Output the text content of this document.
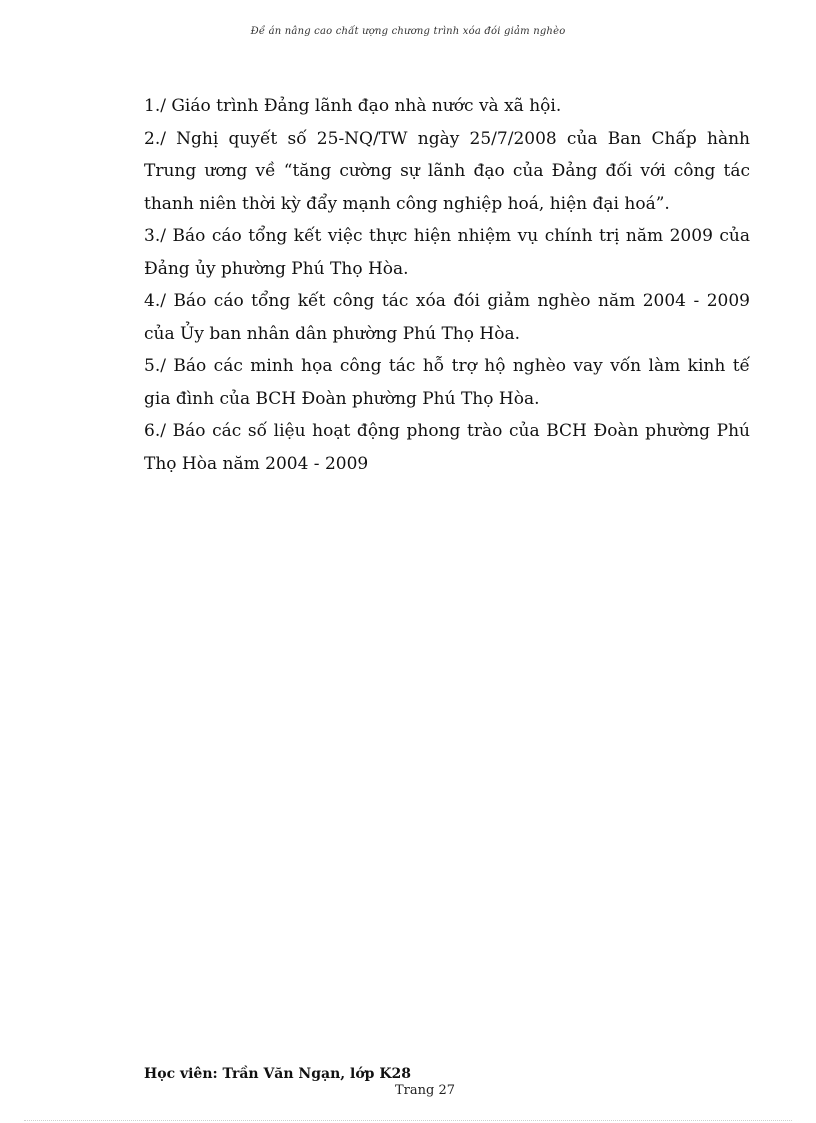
Đề án nâng cao chất ượng chương trình xóa đói giảm nghèo

1./ Giáo trình Đảng lãnh đạo nhà nước và xã hội.

2./ Nghị quyết số 25-NQ/TW ngày 25/7/2008 của Ban Chấp hành Trung ương về “tăng cường sự lãnh đạo của Đảng đối với công tác thanh niên thời kỳ đẩy mạnh công nghiệp hoá, hiện đại hoá”.

3./ Báo cáo tổng kết việc thực hiện nhiệm vụ chính trị năm 2009 của Đảng ủy phường Phú Thọ Hòa.

4./ Báo cáo tổng kết công tác xóa đói giảm nghèo năm 2004 - 2009 của Ủy ban nhân dân phường Phú Thọ Hòa.

5./ Báo các minh họa công tác hỗ trợ hộ nghèo vay vốn làm kinh tế gia đình của BCH Đoàn phường Phú Thọ Hòa.

6./ Báo các số liệu hoạt động phong trào của BCH Đoàn phường Phú Thọ Hòa năm 2004 - 2009

Học viên: Trần Văn Ngạn, lớp K28
Trang 27
